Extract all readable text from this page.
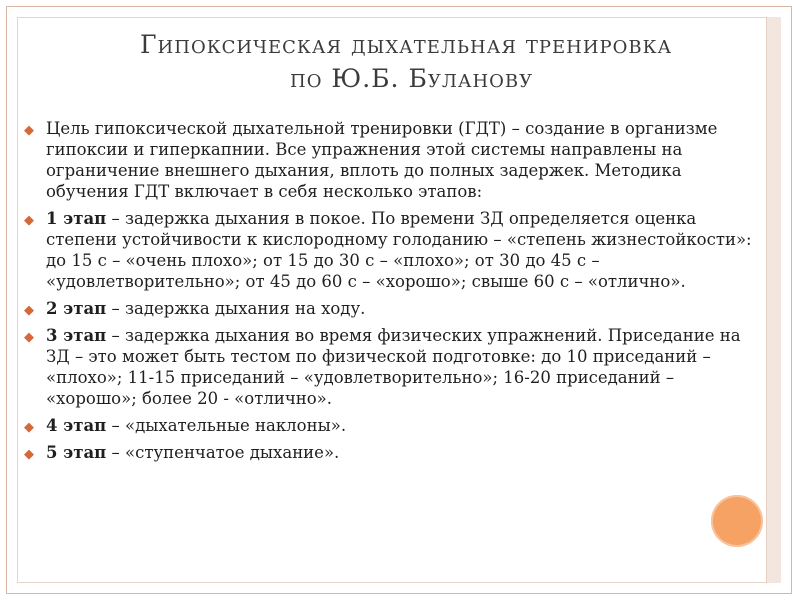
Гипоксическая дыхательная тренировка
по Ю.Б. Буланову
◆ Цель гипоксической дыхательной тренировки (ГДТ) – создание в организме гипоксии и гиперкапнии. Все упражнения этой системы направлены на ограничение внешнего дыхания, вплоть до полных задержек. Методика обучения ГДТ включает в себя несколько этапов:
◆ 1 этап – задержка дыхания в покое. По времени ЗД определяется оценка степени устойчивости к кислородному голоданию – «степень жизнестойкости»: до 15 с – «очень плохо»; от 15 до 30 с – «плохо»; от 30 до 45 с – «удовлетворительно»; от 45 до 60 с – «хорошо»; свыше 60 с – «отлично».
◆ 2 этап – задержка дыхания на ходу.
◆ 3 этап – задержка дыхания во время физических упражнений. Приседание на ЗД – это может быть тестом по физической подготовке: до 10 приседаний – «плохо»; 11-15 приседаний – «удовлетворительно»; 16-20 приседаний – «хорошо»; более 20 - «отлично».
◆ 4 этап – «дыхательные наклоны».
◆ 5 этап – «ступенчатое дыхание».
